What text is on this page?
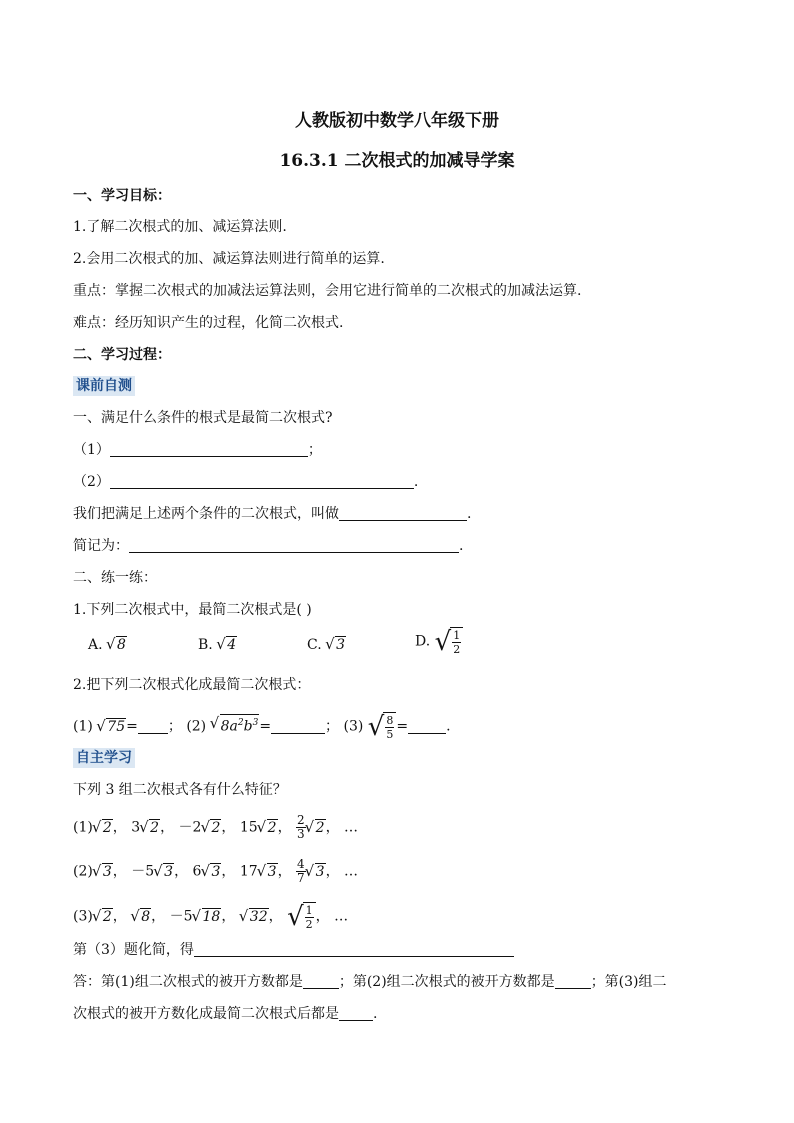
人教版初中数学八年级下册
16.3.1 二次根式的加减导学案
一、学习目标：
1.了解二次根式的加、减运算法则.
2.会用二次根式的加、减运算法则进行简单的运算.
重点：掌握二次根式的加减法运算法则，会用它进行简单的二次根式的加减法运算.
难点：经历知识产生的过程，化简二次根式.
二、学习过程：
课前自测
一、满足什么条件的根式是最简二次根式?
（1）	；
（2）	.
我们把满足上述两个条件的二次根式，叫做	.
简记为：	.
二、练一练：
1.下列二次根式中，最简二次根式是( )
A. √ 8	B. √ 4	C. √ 3	D. √ $\frac{1}{2}$
2.把下列二次根式化成最简二次根式：
(1) √ 75= ； (2) √ $8a^2b^3=$	； (3) √ $\frac{8}{5}$ =	.
自主学习
下列 3 组二次根式各有什么特征？
(1) √ 2， 3 √ 2， －2 √ 2， 15 √ 2， $\frac{2}{3}$ √ 2， …
(2) √ 3， －5 √ 3， 6 √ 3， 17 √ 3， $\frac{4}{7}$ √ 3， …
(3) √ 2， √ 8， －5 √ 18， √ 32， √ $\frac{1}{2}$ ， …
第（3）题化简，得
答：第(1)组二次根式的被开方数都是	；第(2)组二次根式的被开方数都是	；第(3)组二
次根式的被开方数化成最简二次根式后都是 .
